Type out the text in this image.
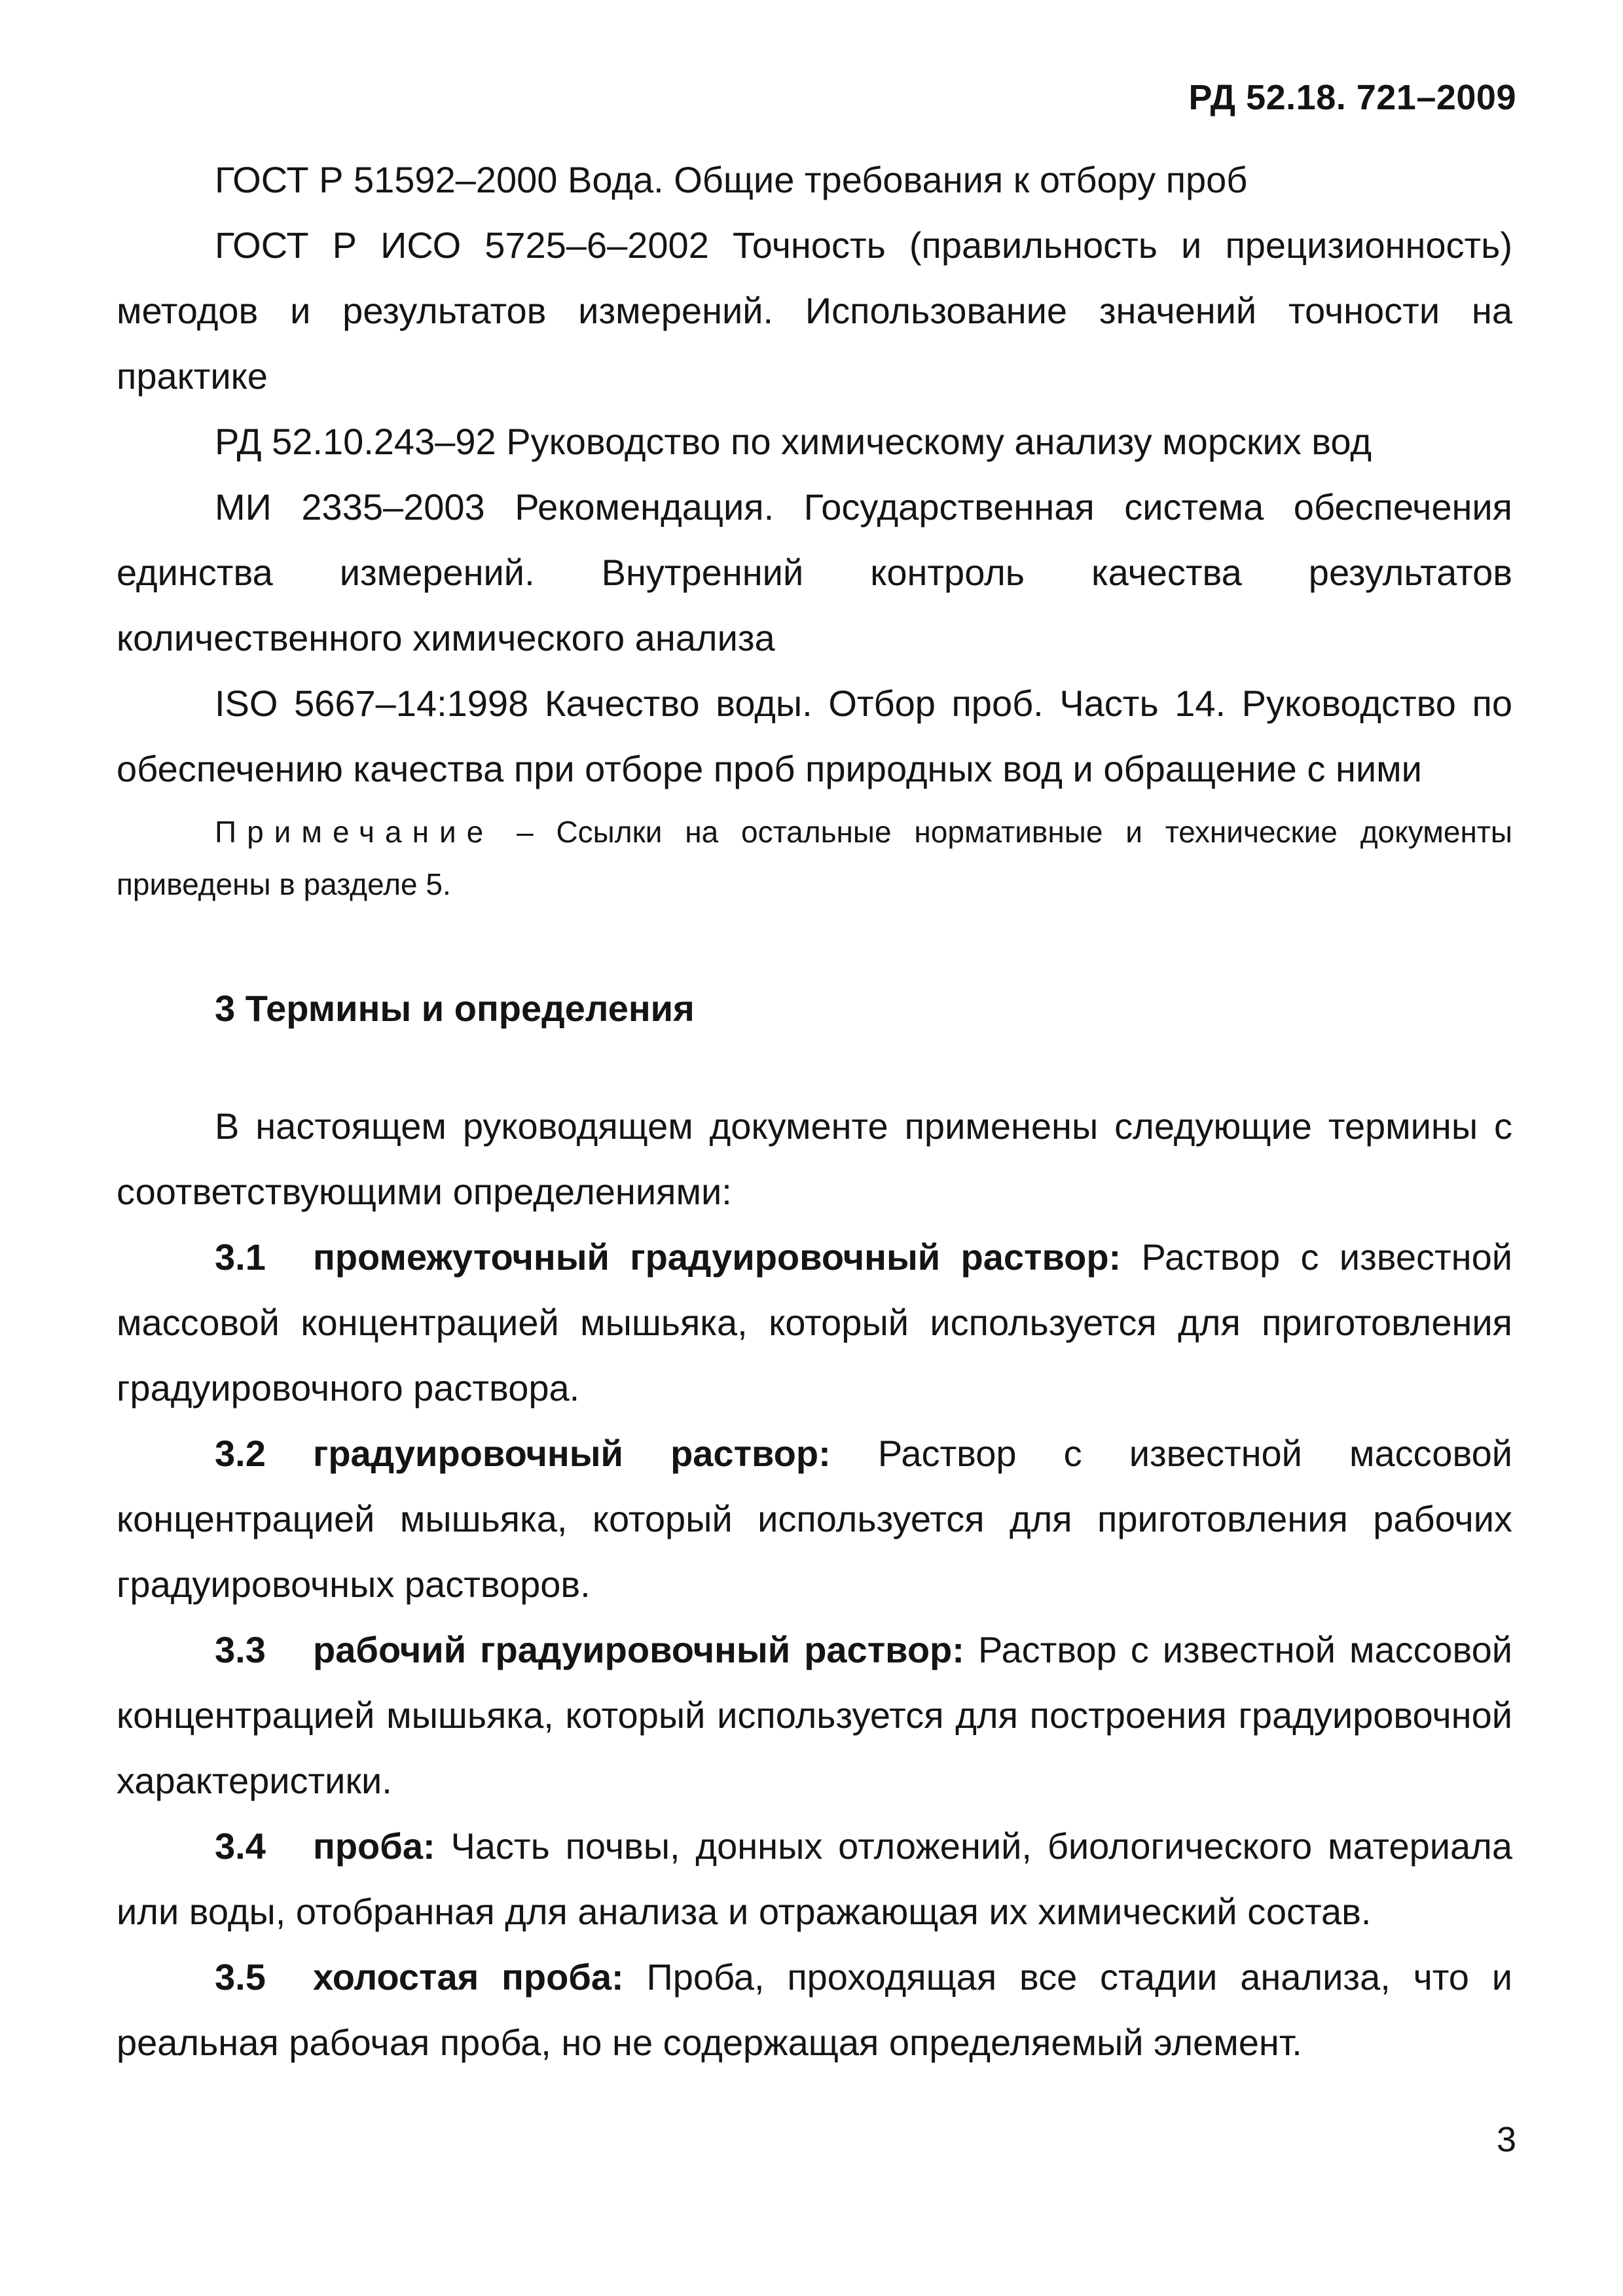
РД 52.18. 721–2009

ГОСТ Р 51592–2000 Вода. Общие требования к отбору проб

ГОСТ Р ИСО 5725–6–2002 Точность (правильность и прецизионность) методов и результатов измерений. Использование значений точности на практике

РД 52.10.243–92 Руководство по химическому анализу морских вод

МИ 2335–2003 Рекомендация. Государственная система обеспечения единства измерений. Внутренний контроль качества результатов количественного химического анализа

ISO 5667–14:1998 Качество воды. Отбор проб. Часть 14. Руководство по обеспечению качества при отборе проб природных вод и обращение с ними

Примечание – Ссылки на остальные нормативные и технические документы приведены в разделе 5.

3 Термины и определения

В настоящем руководящем документе применены следующие термины с соответствующими определениями:

3.1 промежуточный градуировочный раствор: Раствор с известной массовой концентрацией мышьяка, который используется для приготовления градуировочного раствора.

3.2 градуировочный раствор: Раствор с известной массовой концентрацией мышьяка, который используется для приготовления рабочих градуировочных растворов.

3.3 рабочий градуировочный раствор: Раствор с известной массовой концентрацией мышьяка, который используется для построения градуировочной характеристики.

3.4 проба: Часть почвы, донных отложений, биологического материала или воды, отобранная для анализа и отражающая их химический состав.

3.5 холостая проба: Проба, проходящая все стадии анализа, что и реальная рабочая проба, но не содержащая определяемый элемент.

3
